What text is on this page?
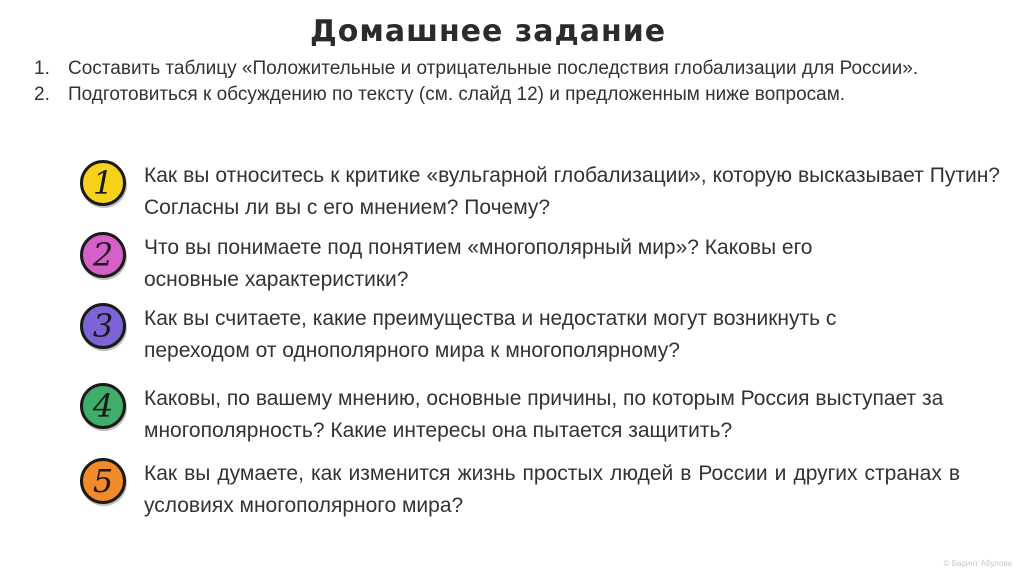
Домашнее задание
1. Составить таблицу «Положительные и отрицательные последствия глобализации для России».
2. Подготовиться к обсуждению по тексту (см. слайд 12) и предложенным ниже вопросам.
1	Как вы относитесь к критике «вульгарной глобализации», которую высказывает Путин? Согласны ли вы с его мнением? Почему?
2	Что вы понимаете под понятием «многополярный мир»? Каковы его основные характеристики?
3	Как вы считаете, какие преимущества и недостатки могут возникнуть с переходом от однополярного мира к многополярному?
4	Каковы, по вашему мнению, основные причины, по которым Россия выступает за многополярность? Какие интересы она пытается защитить?
5	Как вы думаете, как изменится жизнь простых людей в России и других странах в условиях многополярного мира?
© Баринт Абулова
